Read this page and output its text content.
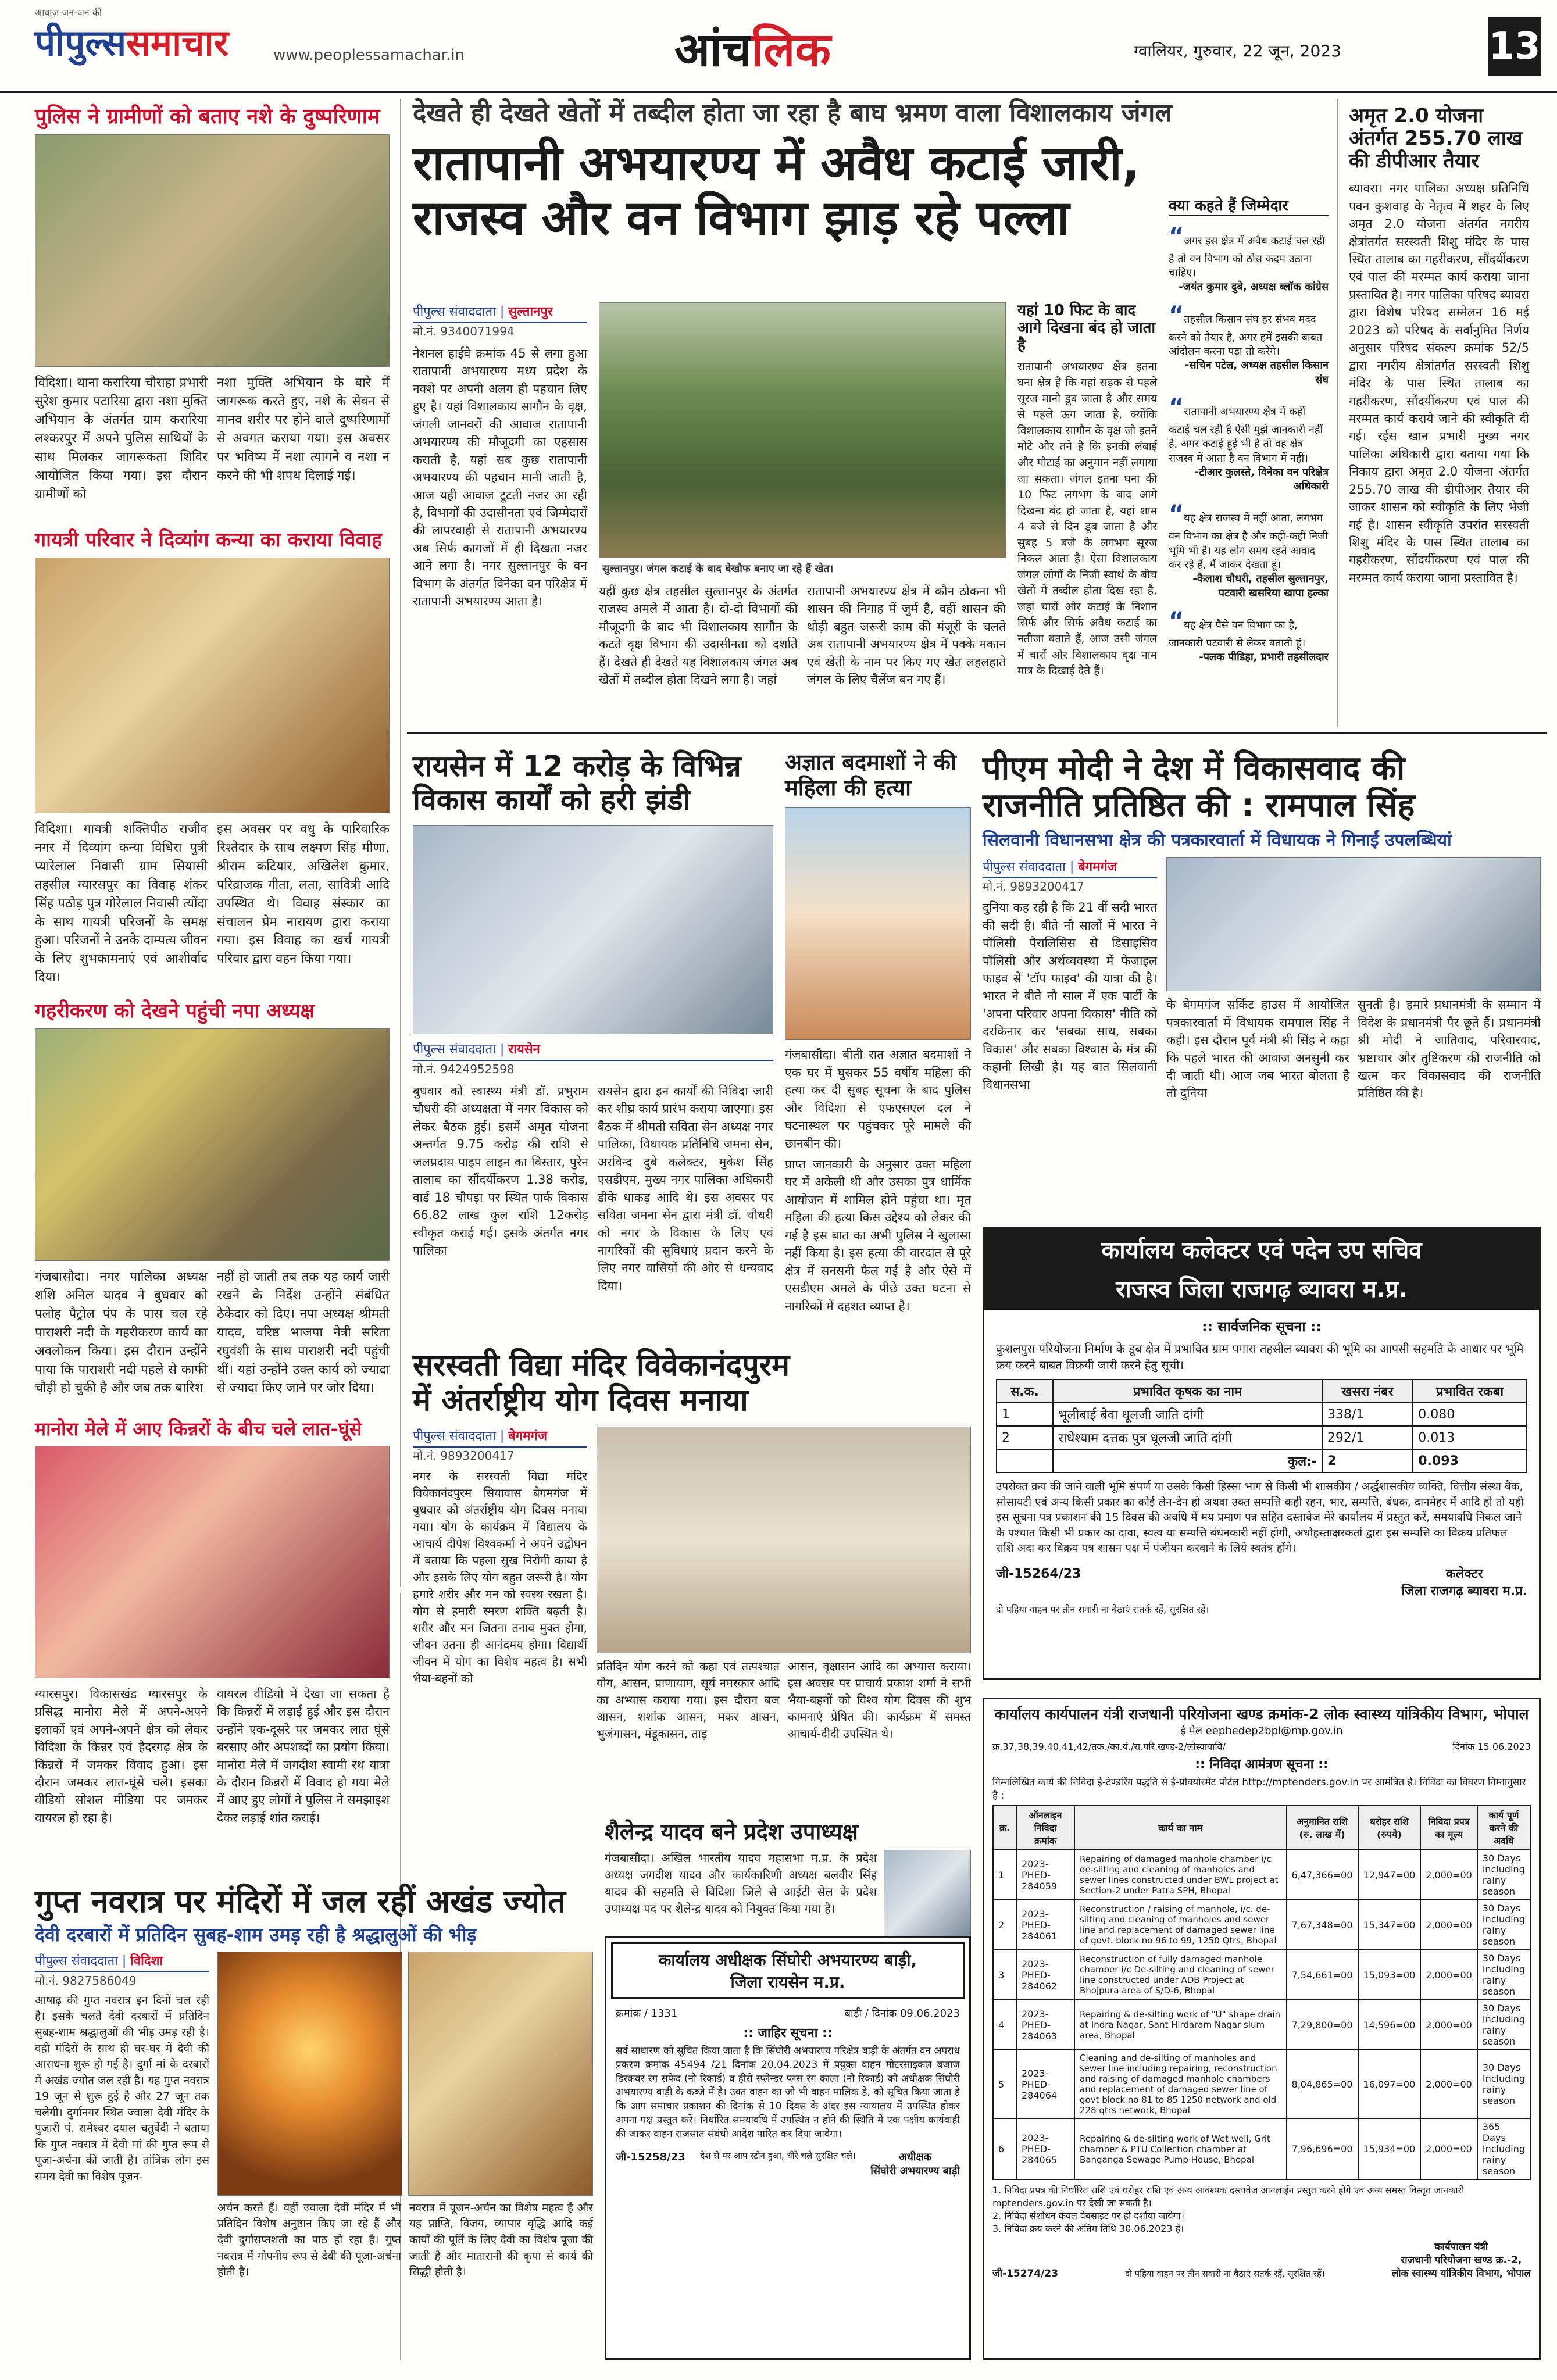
आवाज़ जन-जन की
पीपुल्ससमाचार	www.peoplessamachar.in	आंचलिक	ग्वालियर, गुरुवार, 22 जून, 2023	13
पुलिस ने ग्रामीणों को बताए नशे के दुष्परिणाम
विदिशा। थाना करारिया चौराहा प्रभारी सुरेश कुमार पटारिया द्वारा नशा मुक्ति अभियान के अंतर्गत ग्राम करारिया लश्करपुर में अपने पुलिस साथियों के साथ मिलकर जागरूकता शिविर आयोजित किया गया। इस दौरान ग्रामीणों को
नशा मुक्ति अभियान के बारे में जागरूक करते हुए, नशे के सेवन से मानव शरीर पर होने वाले दुष्परिणामों से अवगत कराया गया। इस अवसर पर भविष्य में नशा त्यागने व नशा न करने की भी शपथ दिलाई गई।
गायत्री परिवार ने दिव्यांग कन्या का कराया विवाह
विदिशा। गायत्री शक्तिपीठ राजीव नगर में दिव्यांग कन्या विधिरा पुत्री प्यारेलाल निवासी ग्राम सियासी तहसील ग्यारसपुर का विवाह शंकर सिंह पठोड़ पुत्र गोरेलाल निवासी त्योंदा के साथ गायत्री परिजनों के समक्ष हुआ। परिजनों ने उनके दाम्पत्य जीवन के लिए शुभकामनाएं एवं आशीर्वाद दिया।
इस अवसर पर वधु के पारिवारिक रिश्तेदार के साथ लक्ष्मण सिंह मीणा, श्रीराम कटियार, अखिलेश कुमार, परिव्राजक गीता, लता, सावित्री आदि उपस्थित थे। विवाह संस्कार का संचालन प्रेम नारायण द्वारा कराया गया। इस विवाह का खर्च गायत्री परिवार द्वारा वहन किया गया।
गहरीकरण को देखने पहुंची नपा अध्यक्ष
गंजबासौदा। नगर पालिका अध्यक्ष शशि अनिल यादव ने बुधवार को पलोह पैट्रोल पंप के पास चल रहे पाराशरी नदी के गहरीकरण कार्य का अवलोकन किया। इस दौरान उन्होंने पाया कि पाराशरी नदी पहले से काफी चौड़ी हो चुकी है और जब तक बारिश
नहीं हो जाती तब तक यह कार्य जारी रखने के निर्देश उन्होंने संबंधित ठेकेदार को दिए। नपा अध्यक्ष श्रीमती यादव, वरिष्ठ भाजपा नेत्री सरिता रघुवंशी के साथ पाराशरी नदी पहुंची थीं। यहां उन्होंने उक्त कार्य को ज्यादा से ज्यादा किए जाने पर जोर दिया।
मानोरा मेले में आए किन्नरों के बीच चले लात-घूंसे
ग्यारसपुर। विकासखंड ग्यारसपुर के प्रसिद्ध मानोरा मेले में अपने-अपने इलाकों एवं अपने-अपने क्षेत्र को लेकर विदिशा के किन्नर एवं हैदरगढ़ क्षेत्र के किन्नरों में जमकर विवाद हुआ। इस दौरान जमकर लात-घूंसे चले। इसका वीडियो सोशल मीडिया पर जमकर वायरल हो रहा है।
वायरल वीडियो में देखा जा सकता है कि किन्नरों में लड़ाई हुई और इस दौरान उन्होंने एक-दूसरे पर जमकर लात घूंसे बरसाए और अपशब्दों का प्रयोग किया। मानोरा मेले में जगदीश स्वामी रथ यात्रा के दौरान किन्नरों में विवाद हो गया मेले में आए हुए लोगों ने पुलिस ने समझाइश देकर लड़ाई शांत कराई।
देखते ही देखते खेतों में तब्दील होता जा रहा है बाघ भ्रमण वाला विशालकाय जंगल
रातापानी अभयारण्य में अवैध कटाई जारी,
राजस्व और वन विभाग झाड़ रहे पल्ला
पीपुल्स संवाददाता | सुल्तानपुर
मो.नं. 9340071994
नेशनल हाईवे क्रमांक 45 से लगा हुआ रातापानी अभयारण्य मध्य प्रदेश के नक्शे पर अपनी अलग ही पहचान लिए हुए है। यहां विशालकाय सागौन के वृक्ष, जंगली जानवरों की आवाज रातापानी अभयारण्य की मौजूदगी का एहसास कराती है, यहां सब कुछ रातापानी अभयारण्य की पहचान मानी जाती है, आज यही आवाज टूटती नजर आ रही है, विभागों की उदासीनता एवं जिम्मेदारों की लापरवाही से रातापानी अभयारण्य अब सिर्फ कागजों में ही दिखता नजर आने लगा है। नगर सुल्तानपुर के वन विभाग के अंतर्गत विनेका वन परिक्षेत्र में रातापानी अभयारण्य आता है।
सुल्तानपुर। जंगल कटाई के बाद बेखौफ बनाए जा रहे हैं खेत।
यहीं कुछ क्षेत्र तहसील सुल्तानपुर के अंतर्गत राजस्व अमले में आता है। दो-दो विभागों की मौजूदगी के बाद भी विशालकाय सागौन के कटते वृक्ष विभाग की उदासीनता को दर्शाते हैं। देखते ही देखते यह विशालकाय जंगल अब खेतों में तब्दील होता दिखने लगा है। जहां
रातापानी अभयारण्य क्षेत्र में कौन ठोकना भी शासन की निगाह में जुर्म है, वहीं शासन की थोड़ी बहुत जरूरी काम की मंजूरी के चलते अब रातापानी अभयारण्य क्षेत्र में पक्के मकान एवं खेती के नाम पर किए गए खेत लहलहाते जंगल के लिए चैलेंज बन गए हैं।
यहां 10 फिट के बाद आगे दिखना बंद हो जाता है
रातापानी अभयारण्य क्षेत्र इतना घना क्षेत्र है कि यहां सड़क से पहले सूरज मानो डूब जाता है और समय से पहले ऊग जाता है, क्योंकि विशालकाय सागौन के वृक्ष जो इतने मोटे और तने है कि इनकी लंबाई और मोटाई का अनुमान नहीं लगाया जा सकता। जंगल इतना घना की 10 फिट लगभग के बाद आगे दिखना बंद हो जाता है, यहां शाम 4 बजे से दिन डूब जाता है और सुबह 5 बजे के लगभग सूरज निकल आता है। ऐसा विशालकाय जंगल लोगों के निजी स्वार्थ के बीच खेतों में तब्दील होता दिख रहा है, जहां चारों ओर कटाई के निशान सिर्फ और सिर्फ अवैध कटाई का नतीजा बताते हैं, आज उसी जंगल में चारों ओर विशालकाय वृक्ष नाम मात्र के दिखाई देते हैं।
क्या कहते हैं जिम्मेदार
“अगर इस क्षेत्र में अवैध कटाई चल रही है तो वन विभाग को ठोस कदम उठाना चाहिए।
-जयंत कुमार दुबे, अध्यक्ष ब्लॉक कांग्रेस
“तहसील किसान संघ हर संभव मदद करने को तैयार है, अगर हमें इसकी बाबत आंदोलन करना पड़ा तो करेंगे।
-सचिन पटेल, अध्यक्ष तहसील किसान संघ
“रातापानी अभयारण्य क्षेत्र में कहीं कटाई चल रही है ऐसी मुझे जानकारी नहीं है, अगर कटाई हुई भी है तो वह क्षेत्र राजस्व में आता है वन विभाग में नहीं।
-टीआर कुलस्ते, विनेका वन परिक्षेत्र अधिकारी
“यह क्षेत्र राजस्व में नहीं आता, लगभग वन विभाग का क्षेत्र है और कहीं-कहीं निजी भूमि भी है। यह लोग समय रहते आवाद कर रहे हैं, मैं जाकर देखता हूं।
-कैलाश चौधरी, तहसील सुल्तानपुर, पटवारी खसरिया खापा हल्का
“यह क्षेत्र पैसे वन विभाग का है, जानकारी पटवारी से लेकर बताती हूं।
-पलक पीडिहा, प्रभारी तहसीलदार
अमृत 2.0 योजना अंतर्गत 255.70 लाख की डीपीआर तैयार
ब्यावरा। नगर पालिका अध्यक्ष प्रतिनिधि पवन कुशवाह के नेतृत्व में शहर के लिए अमृत 2.0 योजना अंतर्गत नगरीय क्षेत्रांतर्गत सरस्वती शिशु मंदिर के पास स्थित तालाब का गहरीकरण, सौंदर्यीकरण एवं पाल की मरम्मत कार्य कराया जाना प्रस्तावित है। नगर पालिका परिषद ब्यावरा द्वारा विशेष परिषद सम्मेलन 16 मई 2023 को परिषद के सर्वानुमित निर्णय अनुसार परिषद संकल्प क्रमांक 52/5 द्वारा नगरीय क्षेत्रांतर्गत सरस्वती शिशु मंदिर के पास स्थित तालाब का गहरीकरण, सौंदर्यीकरण एवं पाल की मरम्मत कार्य कराये जाने की स्वीकृति दी गई। रईस खान प्रभारी मुख्य नगर पालिका अधिकारी द्वारा बताया गया कि निकाय द्वारा अमृत 2.0 योजना अंतर्गत 255.70 लाख की डीपीआर तैयार की जाकर शासन को स्वीकृति के लिए भेजी गई है। शासन स्वीकृति उपरांत सरस्वती शिशु मंदिर के पास स्थित तालाब का गहरीकरण, सौंदर्यीकरण एवं पाल की मरम्मत कार्य कराया जाना प्रस्तावित है।
रायसेन में 12 करोड़ के विभिन्न विकास कार्यों को हरी झंडी
पीपुल्स संवाददाता | रायसेन
मो.नं. 9424952598
बुधवार को स्वास्थ्य मंत्री डॉ. प्रभुराम चौधरी की अध्यक्षता में नगर विकास को लेकर बैठक हुई। इसमें अमृत योजना अन्तर्गत 9.75 करोड़ की राशि से जलप्रदाय पाइप लाइन का विस्तार, पुरेन तालाब का सौंदर्यीकरण 1.38 करोड़, वार्ड 18 चौपड़ा पर स्थित पार्क विकास 66.82 लाख कुल राशि 12करोड़ स्वीकृत कराई गई। इसके अंतर्गत नगर पालिका
रायसेन द्वारा इन कार्यों की निविदा जारी कर शीघ्र कार्य प्रारंभ कराया जाएगा। इस बैठक में श्रीमती सविता सेन अध्यक्ष नगर पालिका, विधायक प्रतिनिधि जमना सेन, अरविन्द दुबे कलेक्टर, मुकेश सिंह एसडीएम, मुख्य नगर पालिका अधिकारी डीके धाकड़ आदि थे। इस अवसर पर सविता जमना सेन द्वारा मंत्री डॉ. चौधरी को नगर के विकास के लिए एवं नागरिकों की सुविधाएं प्रदान करने के लिए नगर वासियों की ओर से धन्यवाद दिया।
अज्ञात बदमाशों ने की महिला की हत्या
गंजबासौदा। बीती रात अज्ञात बदमाशों ने एक घर में घुसकर 55 वर्षीय महिला की हत्या कर दी सुबह सूचना के बाद पुलिस और विदिशा से एफएसएल दल ने घटनास्थल पर पहुंचकर पूरे मामले की छानबीन की।
प्राप्त जानकारी के अनुसार उक्त महिला घर में अकेली थी और उसका पुत्र धार्मिक आयोजन में शामिल होने पहुंचा था। मृत महिला की हत्या किस उद्देश्य को लेकर की गई है इस बात का अभी पुलिस ने खुलासा नहीं किया है। इस हत्या की वारदात से पूरे क्षेत्र में सनसनी फैल गई है और ऐसे में एसडीएम अमले के पीछे उक्त घटना से नागरिकों में दहशत व्याप्त है।
पीएम मोदी ने देश में विकासवाद की
राजनीति प्रतिष्ठित की : रामपाल सिंह
सिलवानी विधानसभा क्षेत्र की पत्रकारवार्ता में विधायक ने गिनाईं उपलब्धियां
पीपुल्स संवाददाता | बेगमगंज
मो.नं. 9893200417
दुनिया कह रही है कि 21 वीं सदी भारत की सदी है। बीते नौ सालों में भारत ने पॉलिसी पैरालिसिस से डिसाइसिव पॉलिसी और अर्थव्यवस्था में फेजाइल फाइव से 'टॉप फाइव' की यात्रा की है। भारत ने बीते नौ साल में एक पार्टी के 'अपना परिवार अपना विकास' नीति को दरकिनार कर 'सबका साथ, सबका विकास' और सबका विश्वास के मंत्र की कहानी लिखी है। यह बात सिलवानी विधानसभा
के बेगमगंज सर्किट हाउस में आयोजित पत्रकारवार्ता में विधायक रामपाल सिंह ने कही। इस दौरान पूर्व मंत्री श्री सिंह ने कहा कि पहले भारत की आवाज अनसुनी कर दी जाती थी। आज जब भारत बोलता है तो दुनिया
सुनती है। हमारे प्रधानमंत्री के सम्मान में विदेश के प्रधानमंत्री पैर छूते हैं। प्रधानमंत्री श्री मोदी ने जातिवाद, परिवारवाद, भ्रष्टाचार और तुष्टिकरण की राजनीति को खत्म कर विकासवाद की राजनीति प्रतिष्ठित की है।
कार्यालय कलेक्टर एवं पदेन उप सचिव
राजस्व जिला राजगढ़ ब्यावरा म.प्र.
:: सार्वजनिक सूचना ::
कुशलपुरा परियोजना निर्माण के डूब क्षेत्र में प्रभावित ग्राम पगारा तहसील ब्यावरा की भूमि का आपसी सहमति के आधार पर भूमि क्रय करने बाबत विक्रयी जारी करने हेतु सूची।
स.क.	प्रभावित कृषक का नाम	खसरा नंबर	प्रभावित रकबा
1	भूलीबाई बेवा धूलजी जाति दांगी	338/1	0.080
2	राधेश्याम दत्तक पुत्र धूलजी जाति दांगी	292/1	0.013
	कुल:-	2	0.093
उपरोक्त क्रय की जाने वाली भूमि संपर्ण या उसके किसी हिस्सा भाग से किसी भी शासकीय / अर्द्धशासकीय व्यक्ति, वित्तीय संस्था बैंक, सोसायटी एवं अन्य किसी प्रकार का कोई लेन-देन हो अथवा उक्त सम्पत्ति कही रहन, भार, सम्पत्ति, बंधक, दानमेहर में आदि हो तो यही इस सूचना पत्र प्रकाशन की 15 दिवस की अवधि में मय प्रमाण पत्र सहित दस्तावेज मेरे कार्यालय में प्रस्तुत करें, समयावधि निकल जाने के पश्चात किसी भी प्रकार का दावा, स्वत्व या सम्पत्ति बंधनकारी नहीं होगी, अधोहस्ताक्षरकर्ता द्वारा इस सम्पत्ति का विक्रय प्रतिफल राशि अदा कर विक्रय पत्र शासन पक्ष में पंजीयन करवाने के लिये स्वतंत्र होंगे।
जी-15264/23	कलेक्टर
जिला राजगढ़ ब्यावरा म.प्र.
दो पहिया वाहन पर तीन सवारी ना बैठाएं सतर्क रहें, सुरक्षित रहें।
सरस्वती विद्या मंदिर विवेकानंदपुरम
में अंतर्राष्ट्रीय योग दिवस मनाया
पीपुल्स संवाददाता | बेगमगंज
मो.नं. 9893200417
नगर के सरस्वती विद्या मंदिर विवेकानंदपुरम सियावास बेगमगंज में बुधवार को अंतर्राष्ट्रीय योग दिवस मनाया गया। योग के कार्यक्रम में विद्यालय के आचार्य दीपेश विश्वकर्मा ने अपने उद्बोधन में बताया कि पहला सुख निरोगी काया है और इसके लिए योग बहुत जरूरी है। योग हमारे शरीर और मन को स्वस्थ रखता है। योग से हमारी स्मरण शक्ति बढ़ती है। शरीर और मन जितना तनाव मुक्त होगा, जीवन उतना ही आनंदमय होगा। विद्यार्थी जीवन में योग का विशेष महत्व है। सभी भैया-बहनों को
प्रतिदिन योग करने को कहा एवं तत्पश्चात योग, आसन, प्राणायाम, सूर्य नमस्कार आदि का अभ्यास कराया गया। इस दौरान बज आसन, शशांक आसन, मकर आसन, भुजंगासन, मंडूकासन, ताड़
आसन, वृक्षासन आदि का अभ्यास कराया। इस अवसर पर प्राचार्य प्रकाश शर्मा ने सभी भैया-बहनों को विश्व योग दिवस की शुभ कामनाएं प्रेषित की। कार्यक्रम में समस्त आचार्य-दीदी उपस्थित थे।
शैलेन्द्र यादव बने प्रदेश उपाध्यक्ष
गंजबासौदा। अखिल भारतीय यादव महासभा म.प्र. के प्रदेश अध्यक्ष जगदीश यादव और कार्यकारिणी अध्यक्ष बलवीर सिंह यादव की सहमति से विदिशा जिले से आईटी सेल के प्रदेश उपाध्यक्ष पद पर शैलेन्द्र यादव को नियुक्त किया गया है।
गुप्त नवरात्र पर मंदिरों में जल रहीं अखंड ज्योत
देवी दरबारों में प्रतिदिन सुबह-शाम उमड़ रही है श्रद्धालुओं की भीड़
पीपुल्स संवाददाता | विदिशा
मो.नं. 9827586049
आषाढ़ की गुप्त नवरात्र इन दिनों चल रही है। इसके चलते देवी दरबारों में प्रतिदिन सुबह-शाम श्रद्धालुओं की भीड़ उमड़ रही है। वहीं मंदिरों के साथ ही घर-घर में देवी की आराधना शुरू हो गई है। दुर्गा मां के दरबारों में अखंड ज्योत जल रही है। यह गुप्त नवरात्र 19 जून से शुरू हुई है और 27 जून तक चलेगी। दुर्गानगर स्थित ज्वाला देवी मंदिर के पुजारी पं. रामेश्वर दयाल चतुर्वेदी ने बताया कि गुप्त नवरात्र में देवी मां की गुप्त रूप से पूजा-अर्चना की जाती है। तांत्रिक लोग इस समय देवी का विशेष पूजन-
अर्चन करते हैं। वहीं ज्वाला देवी मंदिर में भी प्रतिदिन विशेष अनुष्ठान किए जा रहे हैं और देवी दुर्गासप्तशती का पाठ हो रहा है। गुप्त नवरात्र में गोपनीय रूप से देवी की पूजा-अर्चना होती है।
नवरात्र में पूजन-अर्चन का विशेष महत्व है और यह प्राप्ति, विजय, व्यापार वृद्धि आदि कई कार्यों की पूर्ति के लिए देवी का विशेष पूजा की जाती है और मातारानी की कृपा से कार्य की सिद्धी होती है।
कार्यालय अधीक्षक सिंघोरी अभयारण्य बाड़ी,
जिला रायसेन म.प्र.
क्रमांक / 1331	बाड़ी / दिनांक 09.06.2023
:: जाहिर सूचना ::
सर्व साधारण को सूचित किया जाता है कि सिंघोरी अभयारण्य परिक्षेत्र बाड़ी के अंतर्गत वन अपराध प्रकरण क्रमांक 45494 /21 दिनांक 20.04.2023 में प्रयुक्त वाहन मोटरसाइकल बजाज डिस्कवर रंग सफेद (नो रिकार्ड) व हीरो स्प्लेन्डर प्लस रंग काला (नो रिकार्ड) को अधीक्षक सिंघोरी अभयारण्य बाड़ी के कब्जे में है। उक्त वाहन का जो भी वाहन मालिक है, को सूचित किया जाता है कि आप समाचार प्रकाशन की दिनांक से 10 दिवस के अंदर इस न्यायालय में उपस्थित होकर अपना पक्ष प्रस्तुत करें। निर्धारित समयावधि में उपस्थित न होने की स्थिति में एक पक्षीय कार्यवाही की जाकर वाहन राजसात संबंधी आदेश पारित कर दिया जावेगा।
जी-15258/23 देश से पर आप स्टोन हुआ, धीरे चले सुरक्षित चले।	अधीक्षक
सिंघोरी अभयारण्य बाड़ी
कार्यालय कार्यपालन यंत्री राजधानी परियोजना खण्ड क्रमांक-2 लोक स्वास्थ्य यांत्रिकीय विभाग, भोपाल
ई मेल eephedep2bpl@mp.gov.in
क्र.37,38,39,40,41,42/तक./का.यं./रा.परि.खण्ड-2/लोस्वायावि/	दिनांक 15.06.2023
:: निविदा आमंत्रण सूचना ::
निम्नलिखित कार्य की निविदा ई-टेण्डरिंग पद्धति से ई-प्रोक्योरमेंट पोर्टल http://mptenders.gov.in पर आमंत्रित है। निविदा का विवरण निम्नानुसार है :
क्र.	ऑनलाइन निविदा क्रमांक	कार्य का नाम	अनुमानित राशि (रु. लाख में)	धरोहर राशि (रुपये)	निविदा प्रपत्र का मूल्य	कार्य पूर्ण करने की अवधि
1	2023-PHED-284059	Repairing of damaged manhole chamber i/c de-silting and cleaning of manholes and sewer lines constructed under BWL project at Section-2 under Patra SPH, Bhopal	6,47,366=00	12,947=00	2,000=00	30 Days including rainy season
2	2023-PHED-284061	Reconstruction / raising of manhole, i/c. de-silting and cleaning of manholes and sewer line and replacement of damaged sewer line of govt. block no 96 to 99, 1250 Qtrs, Bhopal	7,67,348=00	15,347=00	2,000=00	30 Days Including rainy season
3	2023-PHED-284062	Reconstruction of fully damaged manhole chamber i/c De-silting and cleaning of sewer line constructed under ADB Project at Bhojpura area of S/D-6, Bhopal	7,54,661=00	15,093=00	2,000=00	30 Days Including rainy season
4	2023-PHED-284063	Repairing & de-silting work of "U" shape drain at Indra Nagar, Sant Hirdaram Nagar slum area, Bhopal	7,29,800=00	14,596=00	2,000=00	30 Days Including rainy season
5	2023-PHED-284064	Cleaning and de-silting of manholes and sewer line including repairing, reconstruction and raising of damaged manhole chambers and replacement of damaged sewer line of govt block no 81 to 85 1250 network and old 228 qtrs network, Bhopal	8,04,865=00	16,097=00	2,000=00	30 Days Including rainy season
6	2023-PHED-284065	Repairing & de-silting work of Wet well, Grit chamber & PTU Collection chamber at Banganga Sewage Pump House, Bhopal	7,96,696=00	15,934=00	2,000=00	365 Days Including rainy season
1. निविदा प्रपत्र की निर्धारित राशि एवं धरोहर राशि एवं अन्य आवश्यक दस्तावेज आनलाईन प्रस्तुत करने होंगे एवं अन्य समस्त विस्तृत जानकारी mptenders.gov.in पर देखी जा सकती है।
2. निविदा संशोधन केवल वेबसाइट पर ही दर्शाया जायेगा।
3. निविदा क्रय करने की अंतिम तिथि 30.06.2023 है।
जी-15274/23	दो पहिया वाहन पर तीन सवारी ना बैठाएं सतर्क रहें, सुरक्षित रहें।
कार्यपालन यंत्री
राजधानी परियोजना खण्ड क्र.-2,
लोक स्वास्थ्य यांत्रिकीय विभाग, भोपाल
